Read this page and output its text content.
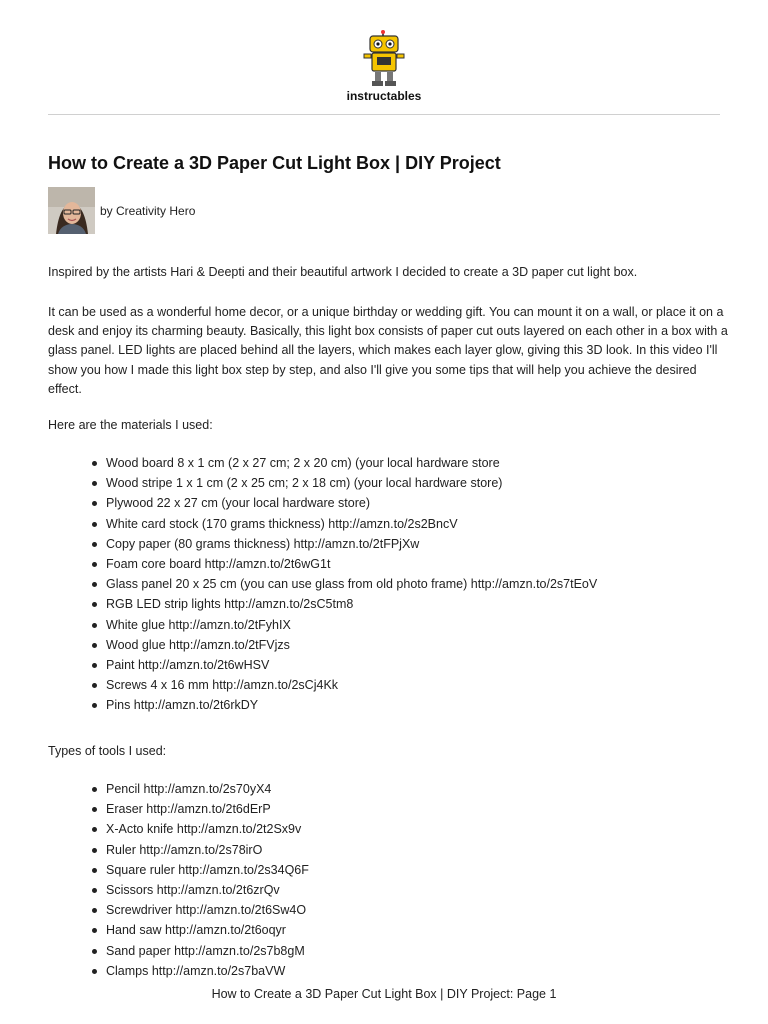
instructables
How to Create a 3D Paper Cut Light Box | DIY Project
by Creativity Hero

Inspired by the artists Hari & Deepti and their beautiful artwork I decided to create a 3D paper cut light box.

It can be used as a wonderful home decor, or a unique birthday or wedding gift. You can mount it on a wall, or place it on a desk and enjoy its charming beauty. Basically, this light box consists of paper cut outs layered on each other in a box with a glass panel. LED lights are placed behind all the layers, which makes each layer glow, giving this 3D look. In this video I'll show you how I made this light box step by step, and also I'll give you some tips that will help you achieve the desired effect.

Here are the materials I used:

Wood board 8 x 1 cm (2 x 27 cm; 2 x 20 cm) (your local hardware store
Wood stripe 1 x 1 cm (2 x 25 cm; 2 x 18 cm) (your local hardware store)
Plywood 22 x 27 cm (your local hardware store)
White card stock (170 grams thickness) http://amzn.to/2s2BncV
Copy paper (80 grams thickness) http://amzn.to/2tFPjXw
Foam core board http://amzn.to/2t6wG1t
Glass panel 20 x 25 cm (you can use glass from old photo frame) http://amzn.to/2s7tEoV
RGB LED strip lights http://amzn.to/2sC5tm8
White glue http://amzn.to/2tFyhIX
Wood glue http://amzn.to/2tFVjzs
Paint http://amzn.to/2t6wHSV
Screws 4 x 16 mm http://amzn.to/2sCj4Kk
Pins http://amzn.to/2t6rkDY

Types of tools I used:

Pencil http://amzn.to/2s70yX4
Eraser http://amzn.to/2t6dErP
X-Acto knife http://amzn.to/2t2Sx9v
Ruler http://amzn.to/2s78irO
Square ruler http://amzn.to/2s34Q6F
Scissors http://amzn.to/2t6zrQv
Screwdriver http://amzn.to/2t6Sw4O
Hand saw http://amzn.to/2t6oqyr
Sand paper http://amzn.to/2s7b8gM
Clamps http://amzn.to/2s7baVW
How to Create a 3D Paper Cut Light Box | DIY Project: Page 1
